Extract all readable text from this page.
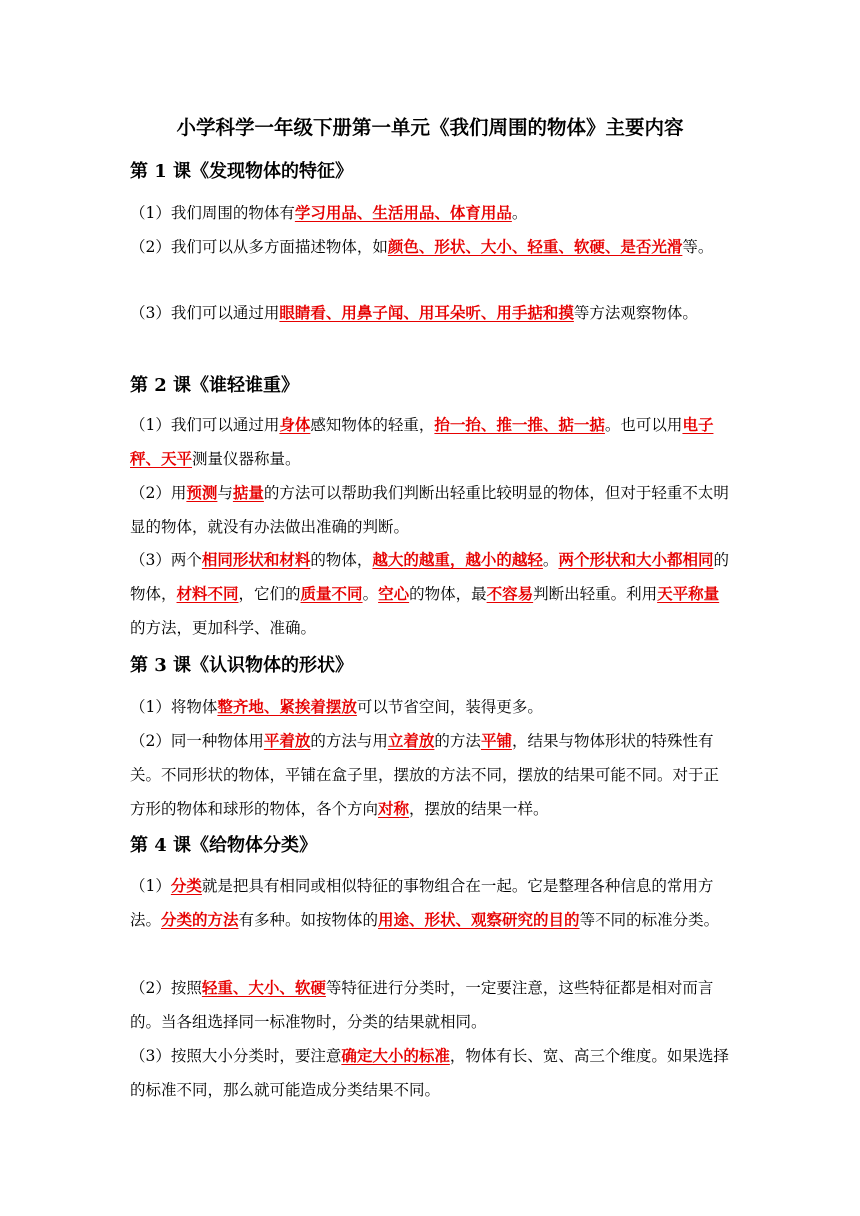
小学科学一年级下册第一单元《我们周围的物体》主要内容
第 1 课《发现物体的特征》
（1）我们周围的物体有学习用品、生活用品、体育用品。
（2）我们可以从多方面描述物体，如颜色、形状、大小、轻重、软硬、是否光滑等。
（3）我们可以通过用眼睛看、用鼻子闻、用耳朵听、用手掂和摸等方法观察物体。
第 2 课《谁轻谁重》
（1）我们可以通过用身体感知物体的轻重，抬一抬、推一推、掂一掂。也可以用电子秤、天平测量仪器称量。
（2）用预测与掂量的方法可以帮助我们判断出轻重比较明显的物体，但对于轻重不太明显的物体，就没有办法做出准确的判断。
（3）两个相同形状和材料的物体，越大的越重，越小的越轻。两个形状和大小都相同的物体，材料不同，它们的质量不同。空心的物体，最不容易判断出轻重。利用天平称量的方法，更加科学、准确。
第 3 课《认识物体的形状》
（1）将物体整齐地、紧挨着摆放可以节省空间，装得更多。
（2）同一种物体用平着放的方法与用立着放的方法平铺，结果与物体形状的特殊性有关。不同形状的物体，平铺在盒子里，摆放的方法不同，摆放的结果可能不同。对于正方形的物体和球形的物体，各个方向对称，摆放的结果一样。
第 4 课《给物体分类》
（1）分类就是把具有相同或相似特征的事物组合在一起。它是整理各种信息的常用方法。分类的方法有多种。如按物体的用途、形状、观察研究的目的等不同的标准分类。
（2）按照轻重、大小、软硬等特征进行分类时，一定要注意，这些特征都是相对而言的。当各组选择同一标准物时，分类的结果就相同。
（3）按照大小分类时，要注意确定大小的标准，物体有长、宽、高三个维度。如果选择的标准不同，那么就可能造成分类结果不同。
